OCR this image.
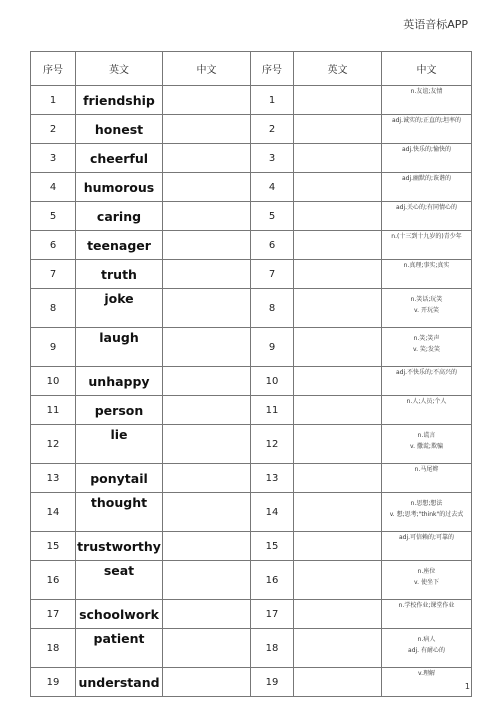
英语音标APP
序号	英文	中文	序号	英文	中文
1	friendship		1		n.友谊;友情

2	honest		2		adj.诚实的;正直的;坦率的

3	cheerful		3		adj.快乐的;愉快的

4	humorous		4		adj.幽默的;诙谐的

5	caring		5		adj.关心的;有同情心的

6	teenager		6		n.(十三到十九岁的)青少年

7	truth		7		n.真理;事实;真实

8	joke		8		n.笑话;玩笑
v. 开玩笑

9	laugh		9		n.笑;笑声
v. 笑;发笑

10	unhappy		10		adj.不快乐的;不高兴的

11	person		11		n.人;人员;个人

12	lie		12		n.谎言
v. 撒谎;欺骗

13	ponytail		13		n.马尾辫

14	thought		14		n.思想;想法
v. 想;思考;"think"的过去式

15	trustworthy		15		adj.可信赖的;可靠的

16	seat		16		n.座位
v. 使坐下

17	schoolwork		17		n.学校作业;课堂作业

18	patient		18		n.病人
adj. 有耐心的

19	understand		19		v.理解
1
